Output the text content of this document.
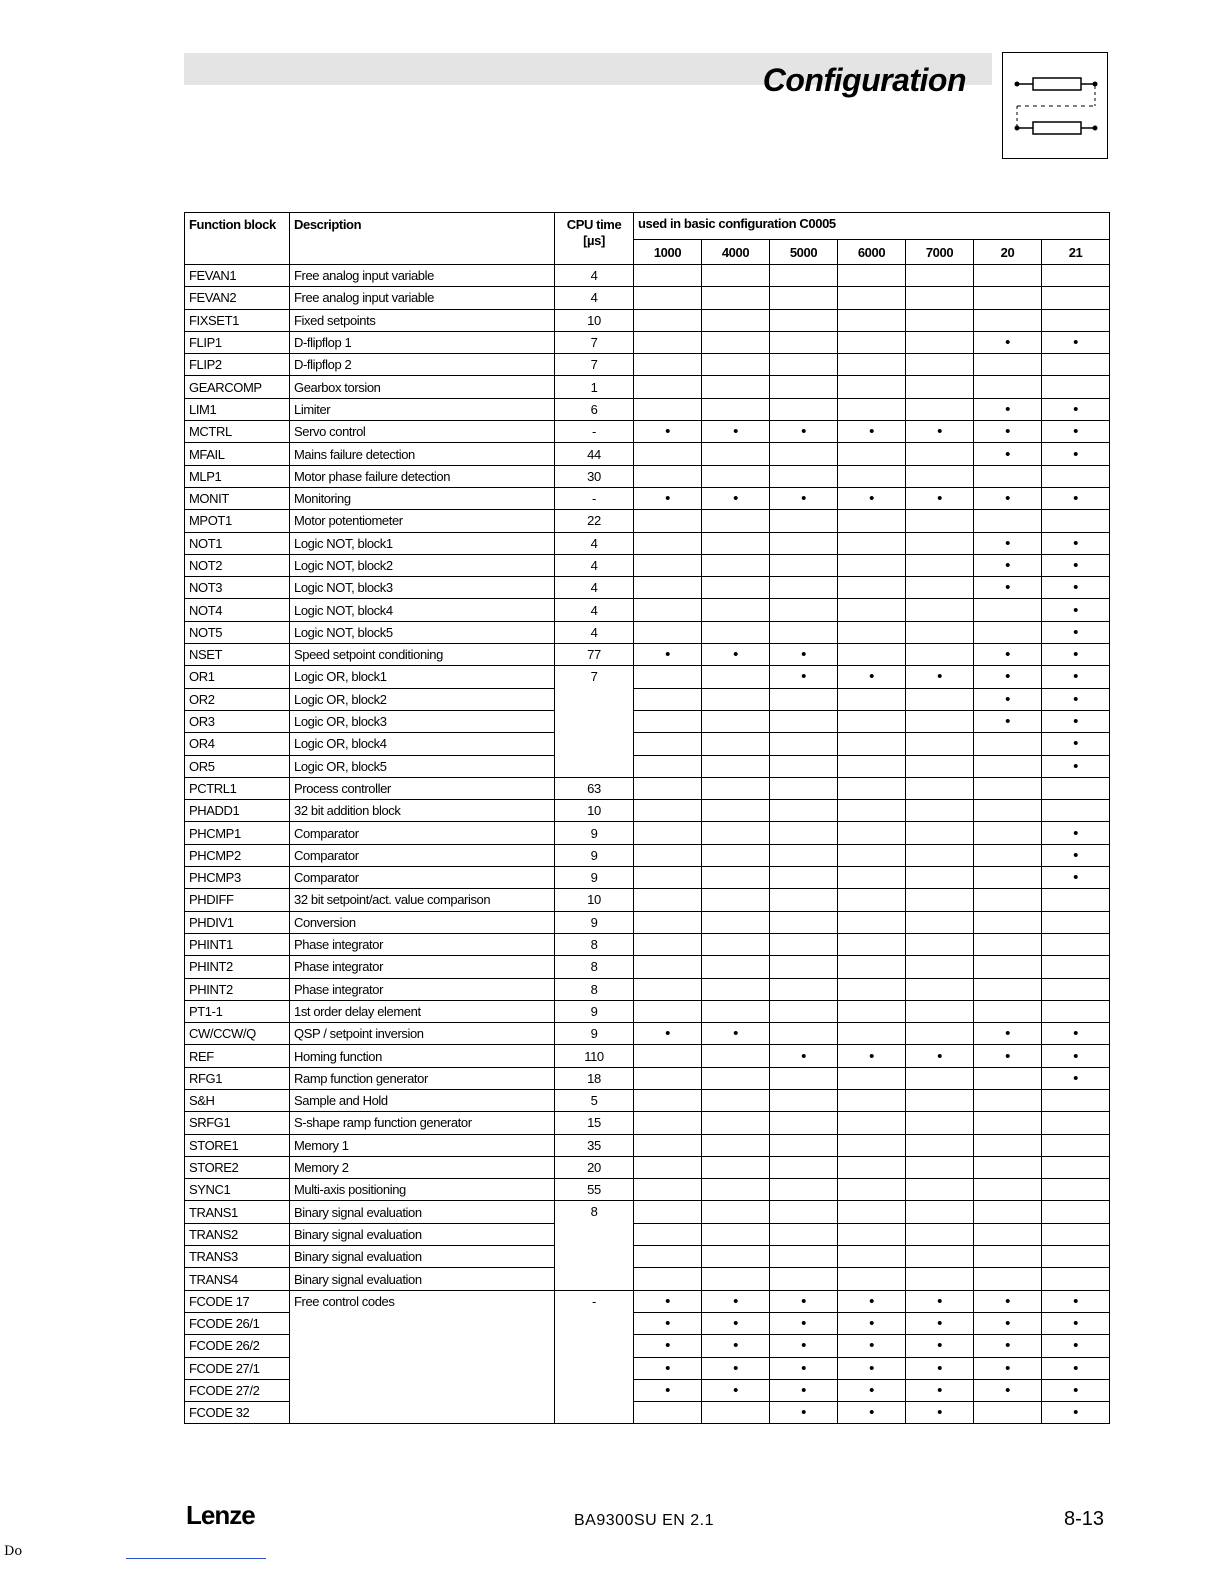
Configuration
Function block	Description	CPU time
[µs]	used in basic configuration C0005						
			1000	4000	5000	6000	7000	20	21
FEVAN1	Free analog input variable	4							
FEVAN2	Free analog input variable	4							
FIXSET1	Fixed setpoints	10							
FLIP1	D-flipflop 1	7						•	•
FLIP2	D-flipflop 2	7							
GEARCOMP	Gearbox torsion	1							
LIM1	Limiter	6						•	•
MCTRL	Servo control	-	•	•	•	•	•	•	•
MFAIL	Mains failure detection	44						•	•
MLP1	Motor phase failure detection	30							
MONIT	Monitoring	-	•	•	•	•	•	•	•
MPOT1	Motor potentiometer	22							
NOT1	Logic NOT, block1	4						•	•
NOT2	Logic NOT, block2	4						•	•
NOT3	Logic NOT, block3	4						•	•
NOT4	Logic NOT, block4	4							•
NOT5	Logic NOT, block5	4							•
NSET	Speed setpoint conditioning	77	•	•	•			•	•
OR1	Logic OR, block1	7			•	•	•	•	•
OR2	Logic OR, block2							•	•
OR3	Logic OR, block3							•	•
OR4	Logic OR, block4								•
OR5	Logic OR, block5								•
PCTRL1	Process controller	63							
PHADD1	32 bit addition block	10							
PHCMP1	Comparator	9							•
PHCMP2	Comparator	9							•
PHCMP3	Comparator	9							•
PHDIFF	32 bit setpoint/act. value comparison	10							
PHDIV1	Conversion	9							
PHINT1	Phase integrator	8							
PHINT2	Phase integrator	8							
PHINT2	Phase integrator	8							
PT1-1	1st order delay element	9							
CW/CCW/Q	QSP / setpoint inversion	9	•	•				•	•
REF	Homing function	110			•	•	•	•	•
RFG1	Ramp function generator	18							•
S&H	Sample and Hold	5							
SRFG1	S-shape ramp function generator	15							
STORE1	Memory 1	35							
STORE2	Memory 2	20							
SYNC1	Multi-axis positioning	55							
TRANS1	Binary signal evaluation	8							
TRANS2	Binary signal evaluation								
TRANS3	Binary signal evaluation								
TRANS4	Binary signal evaluation								
FCODE 17	Free control codes	-	•	•	•	•	•	•	•
FCODE 26/1			•	•	•	•	•	•	•
FCODE 26/2			•	•	•	•	•	•	•
FCODE 27/1			•	•	•	•	•	•	•
FCODE 27/2			•	•	•	•	•	•	•
FCODE 32					•	•	•		•
Lenze	BA9300SU EN 2.1	8-13
Do
